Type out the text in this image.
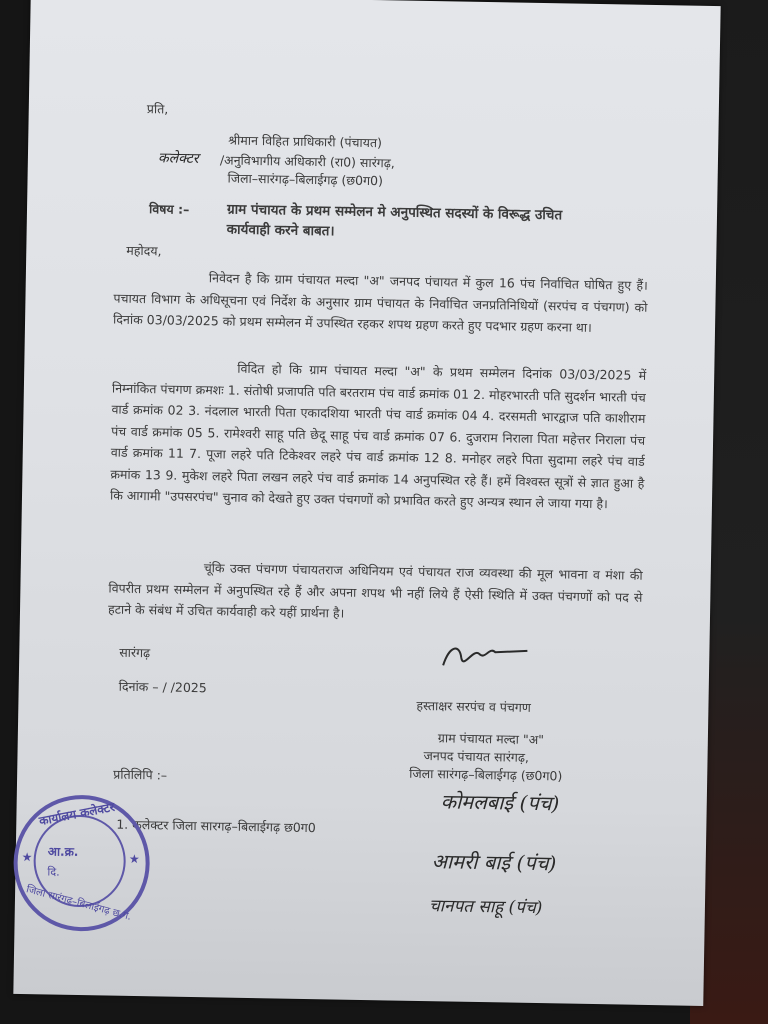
प्रति,
श्रीमान विहित प्राधिकारी (पंचायत)
कलेक्टर /अनुविभागीय अधिकारी (रा0) सारंगढ़,
जिला–सारंगढ़–बिलाईगढ़ (छ0ग0)
विषय :–	ग्राम पंचायत के प्रथम सम्मेलन मे अनुपस्थित सदस्यों के विरूद्ध उचित
कार्यवाही करने बाबत।
महोदय,
निवेदन है कि ग्राम पंचायत मल्दा "अ" जनपद पंचायत में कुल 16 पंच निर्वाचित घोषित हुए हैं। पचायत विभाग के अधिसूचना एवं निर्देश के अनुसार ग्राम पंचायत के निर्वाचित जनप्रतिनिधियों (सरपंच व पंचगण) को दिनांक 03/03/2025 को प्रथम सम्मेलन में उपस्थित रहकर शपथ ग्रहण करते हुए पदभार ग्रहण करना था।
विदित हो कि ग्राम पंचायत मल्दा "अ" के प्रथम सम्मेलन दिनांक 03/03/2025 में निम्नांकित पंचगण क्रमशः 1. संतोषी प्रजापति पति बरतराम पंच वार्ड क्रमांक 01 2. मोहरभारती पति सुदर्शन भारती पंच वार्ड क्रमांक 02 3. नंदलाल भारती पिता एकादशिया भारती पंच वार्ड क्रमांक 04 4. दरसमती भारद्वाज पति काशीराम पंच वार्ड क्रमांक 05 5. रामेश्वरी साहू पति छेदू साहू पंच वार्ड क्रमांक 07 6. दुजराम निराला पिता महेत्तर निराला पंच वार्ड क्रमांक 11 7. पूजा लहरे पति टिकेश्वर लहरे पंच वार्ड क्रमांक 12 8. मनोहर लहरे पिता सुदामा लहरे पंच वार्ड क्रमांक 13 9. मुकेश लहरे पिता लखन लहरे पंच वार्ड क्रमांक 14 अनुपस्थित रहे हैं। हमें विश्वस्त सूत्रों से ज्ञात हुआ है कि आगामी "उपसरपंच" चुनाव को देखते हुए उक्त पंचगणों को प्रभावित करते हुए अन्यत्र स्थान ले जाया गया है।
चूंकि उक्त पंचगण पंचायतराज अधिनियम एवं पंचायत राज व्यवस्था की मूल भावना व मंशा की विपरीत प्रथम सम्मेलन में अनुपस्थित रहे हैं और अपना शपथ भी नहीं लिये हैं ऐसी स्थिति में उक्त पंचगणों को पद से हटाने के संबंध में उचित कार्यवाही करे यहीं प्रार्थना है।
सारंगढ़
दिनांक – / /2025
हस्ताक्षर सरपंच व पंचगण
ग्राम पंचायत मल्दा "अ"
जनपद पंचायत सारंगढ़,
जिला सारंगढ़–बिलाईगढ़ (छ0ग0)
प्रतिलिपि :–
कोमलबाई (पंच)
1. कलेक्टर जिला सारगढ़–बिलाईगढ़ छ0ग0
आमरी बाई (पंच)
चानपत साहू (पंच)
कार्यालय कलेक्टर
★	★
आ.क्र.
दि.
जिला सारंगढ़–बिलाईगढ़ छ.ग.
